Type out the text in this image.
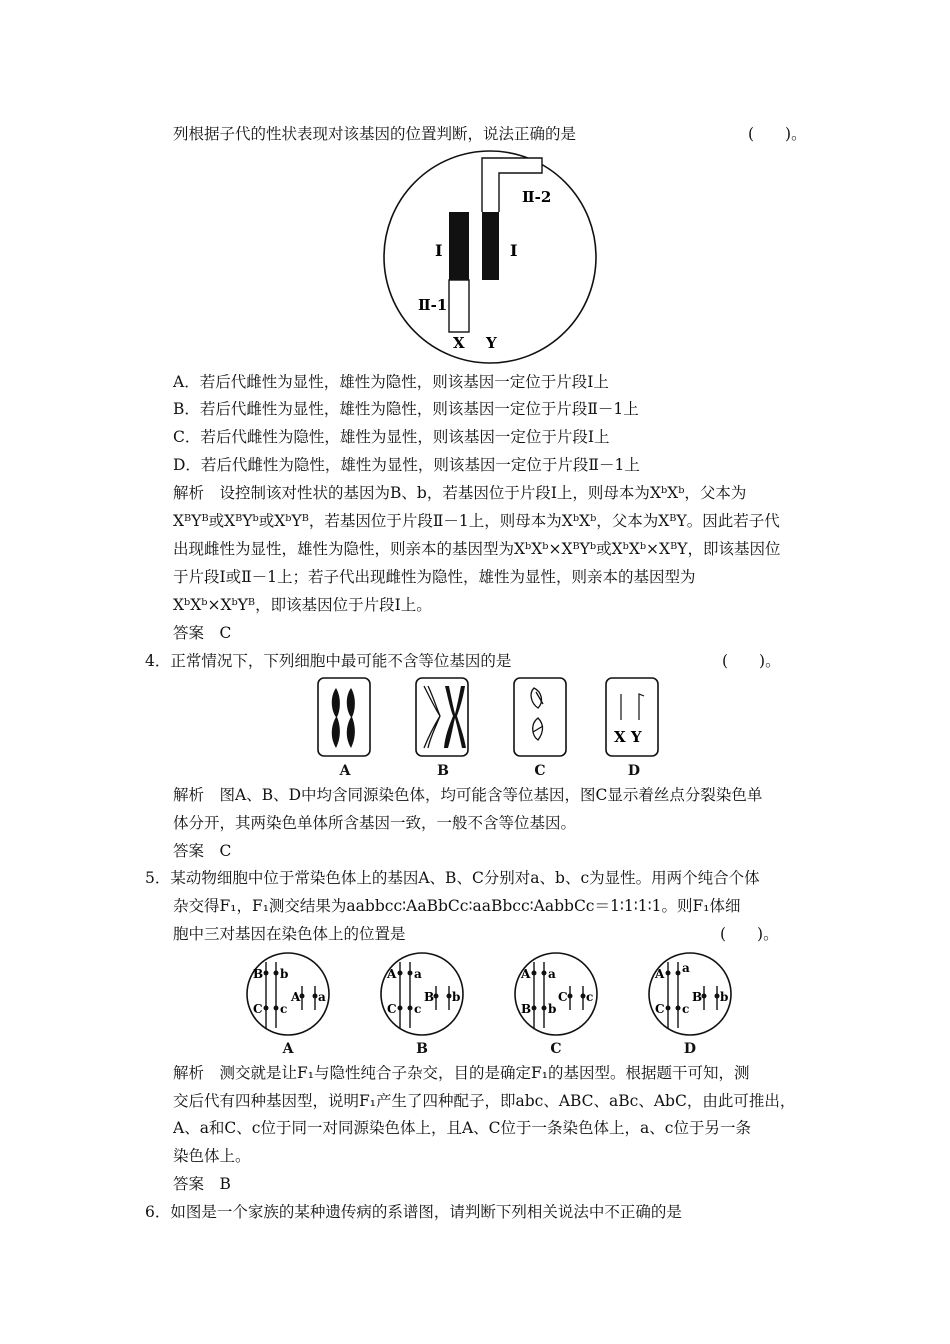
列根据子代的性状表现对该基因的位置判断，说法正确的是	(　　)。
Ⅱ-2
I	I
Ⅱ-1
X Y
A．若后代雌性为显性，雄性为隐性，则该基因一定位于片段Ⅰ上
B．若后代雌性为显性，雄性为隐性，则该基因一定位于片段Ⅱ－1上
C．若后代雌性为隐性，雄性为显性，则该基因一定位于片段Ⅰ上
D．若后代雌性为隐性，雄性为显性，则该基因一定位于片段Ⅱ－1上
解析　设控制该对性状的基因为B、b，若基因位于片段Ⅰ上，则母本为XᵇXᵇ，父本为
XᴮYᴮ或XᴮYᵇ或XᵇYᴮ，若基因位于片段Ⅱ－1上，则母本为XᵇXᵇ，父本为XᴮY。因此若子代
出现雌性为显性，雄性为隐性，则亲本的基因型为XᵇXᵇ×XᴮYᵇ或XᵇXᵇ×XᴮY，即该基因位
于片段Ⅰ或Ⅱ－1上；若子代出现雌性为隐性，雄性为显性，则亲本的基因型为
XᵇXᵇ×XᵇYᴮ，即该基因位于片段Ⅰ上。
答案　C
4．正常情况下，下列细胞中最可能不含等位基因的是	(　　)。
X Y
A	B	C	D
解析　图A、B、D中均含同源染色体，均可能含等位基因，图C显示着丝点分裂染色单
体分开，其两染色单体所含基因一致，一般不含等位基因。
答案　C
5．某动物细胞中位于常染色体上的基因A、B、C分别对a、b、c为显性。用两个纯合个体
杂交得F₁，F₁测交结果为aabbcc∶AaBbCc∶aaBbcc∶AabbCc＝1∶1∶1∶1。则F₁体细
胞中三对基因在染色体上的位置是	(　　)。
B b
A a
C c
A a
B b
C c
A a
C c
B b
A a
B b
C c
A	B	C	D
解析　测交就是让F₁与隐性纯合子杂交，目的是确定F₁的基因型。根据题干可知，测
交后代有四种基因型，说明F₁产生了四种配子，即abc、ABC、aBc、AbC，由此可推出，
A、a和C、c位于同一对同源染色体上，且A、C位于一条染色体上，a、c位于另一条
染色体上。
答案　B
6．如图是一个家族的某种遗传病的系谱图，请判断下列相关说法中不正确的是
